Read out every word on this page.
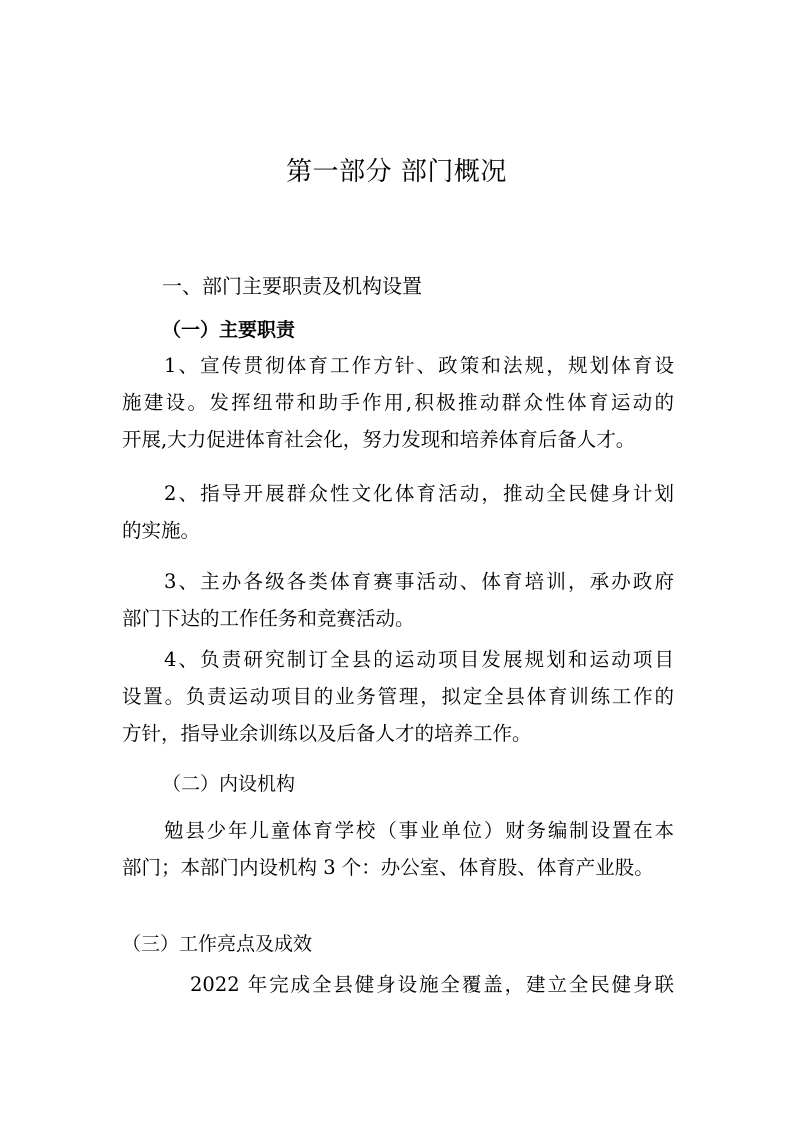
第一部分 部门概况
一、部门主要职责及机构设置
（一）主要职责
1、宣传贯彻体育工作方针、政策和法规，规划体育设
施建设。发挥纽带和助手作用,积极推动群众性体育运动的
开展,大力促进体育社会化，努力发现和培养体育后备人才。
2、指导开展群众性文化体育活动，推动全民健身计划
的实施。
3、主办各级各类体育赛事活动、体育培训，承办政府
部门下达的工作任务和竞赛活动。
4、负责研究制订全县的运动项目发展规划和运动项目
设置。负责运动项目的业务管理，拟定全县体育训练工作的
方针，指导业余训练以及后备人才的培养工作。
（二）内设机构
勉县少年儿童体育学校（事业单位）财务编制设置在本
部门；本部门内设机构 3 个：办公室、体育股、体育产业股。
（三）工作亮点及成效
2022 年完成全县健身设施全覆盖，建立全民健身联
